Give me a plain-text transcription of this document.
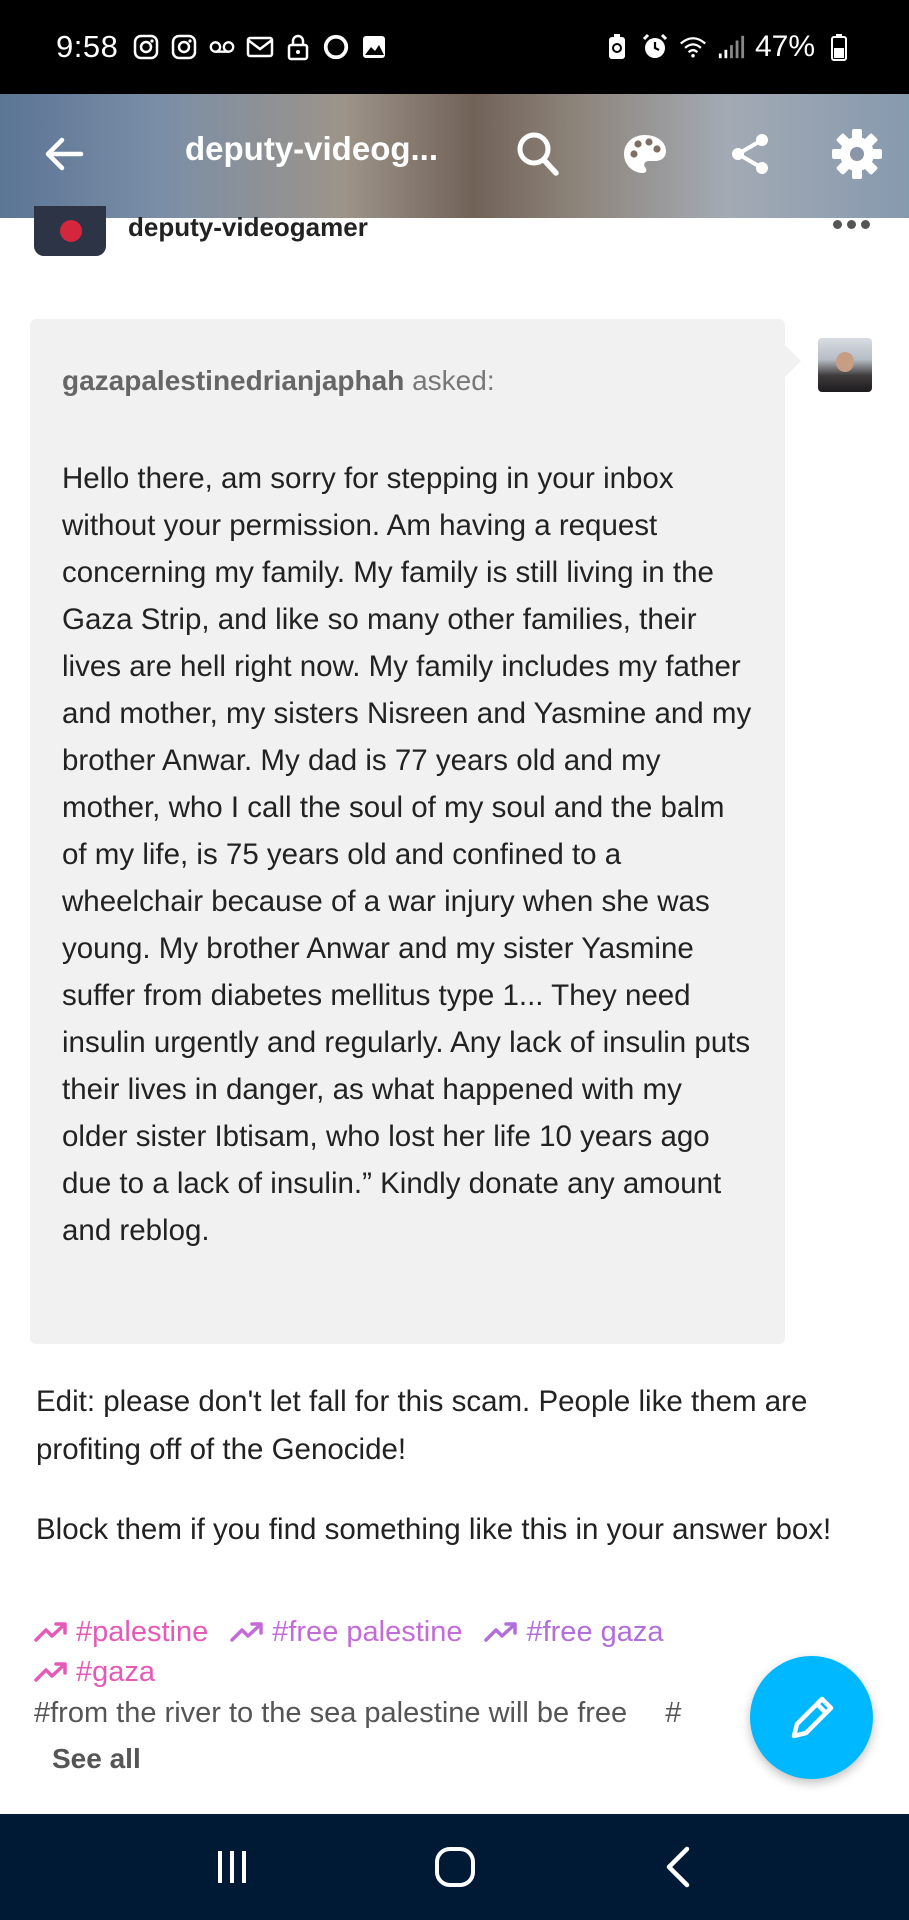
9:58	47%
deputy-videog...
deputy-videogamer
gazapalestinedrianjaphah asked:
Hello there, am sorry for stepping in your inbox without your permission. Am having a request concerning my family. My family is still living in the Gaza Strip, and like so many other families, their lives are hell right now. My family includes my father and mother, my sisters Nisreen and Yasmine and my brother Anwar. My dad is 77 years old and my mother, who I call the soul of my soul and the balm of my life, is 75 years old and confined to a wheelchair because of a war injury when she was young. My brother Anwar and my sister Yasmine suffer from diabetes mellitus type 1... They need insulin urgently and regularly. Any lack of insulin puts their lives in danger, as what happened with my older sister Ibtisam, who lost her life 10 years ago due to a lack of insulin.” Kindly donate any amount and reblog.

Edit: please don't let fall for this scam. People like them are profiting off of the Genocide!

Block them if you find something like this in your answer box!

#palestine #free palestine #free gaza
#gaza
#from the river to the sea palestine will be free #
See all
